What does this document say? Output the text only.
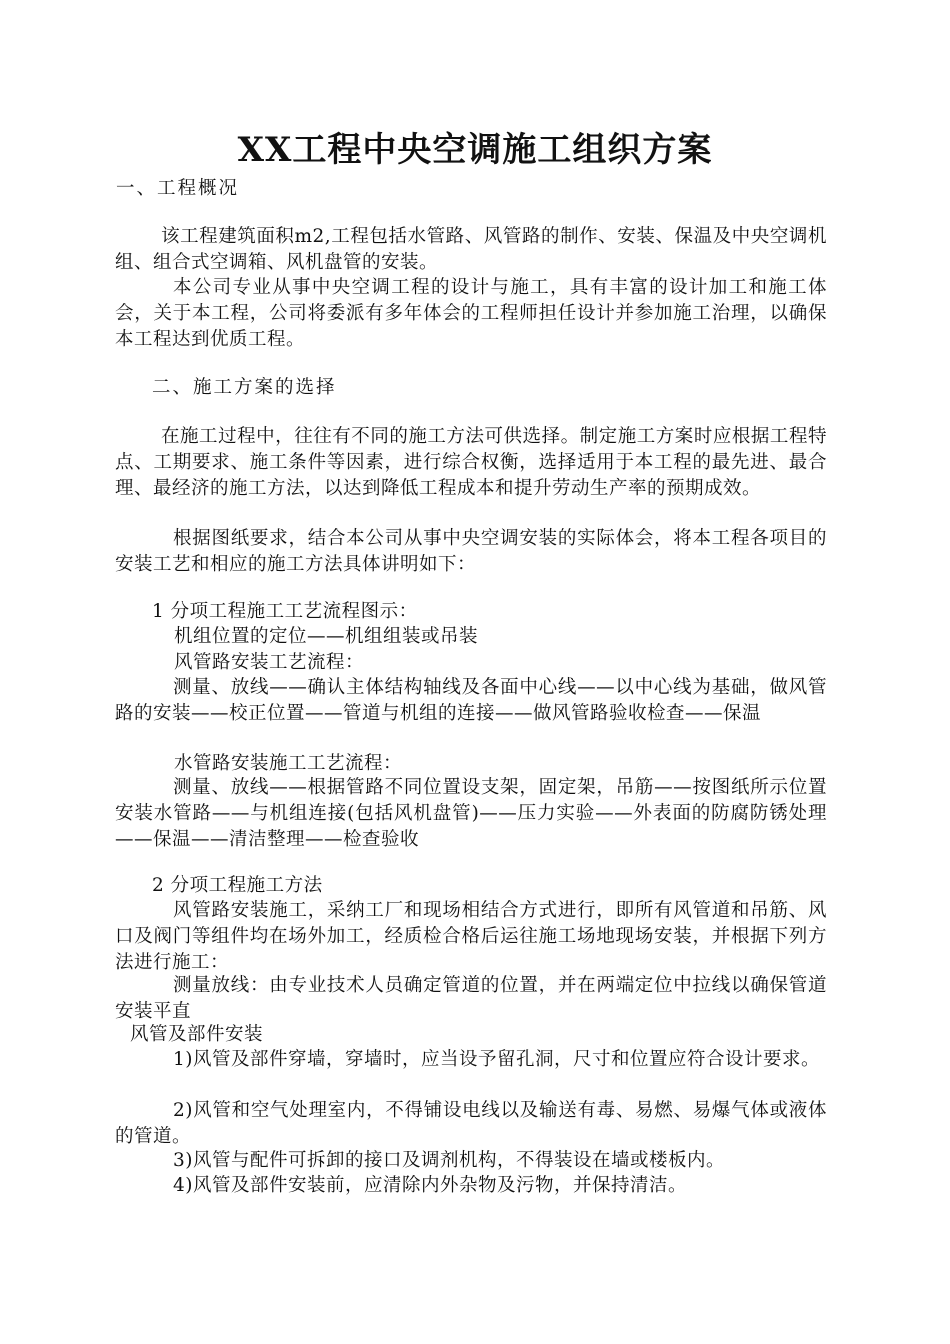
XX工程中央空调施工组织方案
一、工程概况
该工程建筑面积m2,工程包括水管路、风管路的制作、安装、保温及中央空调机组、组合式空调箱、风机盘管的安装。
本公司专业从事中央空调工程的设计与施工，具有丰富的设计加工和施工体会，关于本工程，公司将委派有多年体会的工程师担任设计并参加施工治理，以确保本工程达到优质工程。
二、施工方案的选择
在施工过程中，往往有不同的施工方法可供选择。制定施工方案时应根据工程特点、工期要求、施工条件等因素，进行综合权衡，选择适用于本工程的最先进、最合理、最经济的施工方法，以达到降低工程成本和提升劳动生产率的预期成效。
根据图纸要求，结合本公司从事中央空调安装的实际体会，将本工程各项目的安装工艺和相应的施工方法具体讲明如下：
1 分项工程施工工艺流程图示：
机组位置的定位——机组组装或吊装
风管路安装工艺流程：
测量、放线——确认主体结构轴线及各面中心线——以中心线为基础，做风管路的安装——校正位置——管道与机组的连接——做风管路验收检查——保温
水管路安装施工工艺流程：
测量、放线——根据管路不同位置设支架，固定架，吊筋——按图纸所示位置安装水管路——与机组连接(包括风机盘管)——压力实验——外表面的防腐防锈处理——保温——清洁整理——检查验收
2 分项工程施工方法
风管路安装施工，采纳工厂和现场相结合方式进行，即所有风管道和吊筋、风口及阀门等组件均在场外加工，经质检合格后运往施工场地现场安装，并根据下列方法进行施工：
测量放线：由专业技术人员确定管道的位置，并在两端定位中拉线以确保管道安装平直
风管及部件安装
1)风管及部件穿墙，穿墙时，应当设予留孔洞，尺寸和位置应符合设计要求。
2)风管和空气处理室内，不得铺设电线以及输送有毒、易燃、易爆气体或液体的管道。
3)风管与配件可拆卸的接口及调剂机构，不得装设在墙或楼板内。
4)风管及部件安装前，应清除内外杂物及污物，并保持清洁。
